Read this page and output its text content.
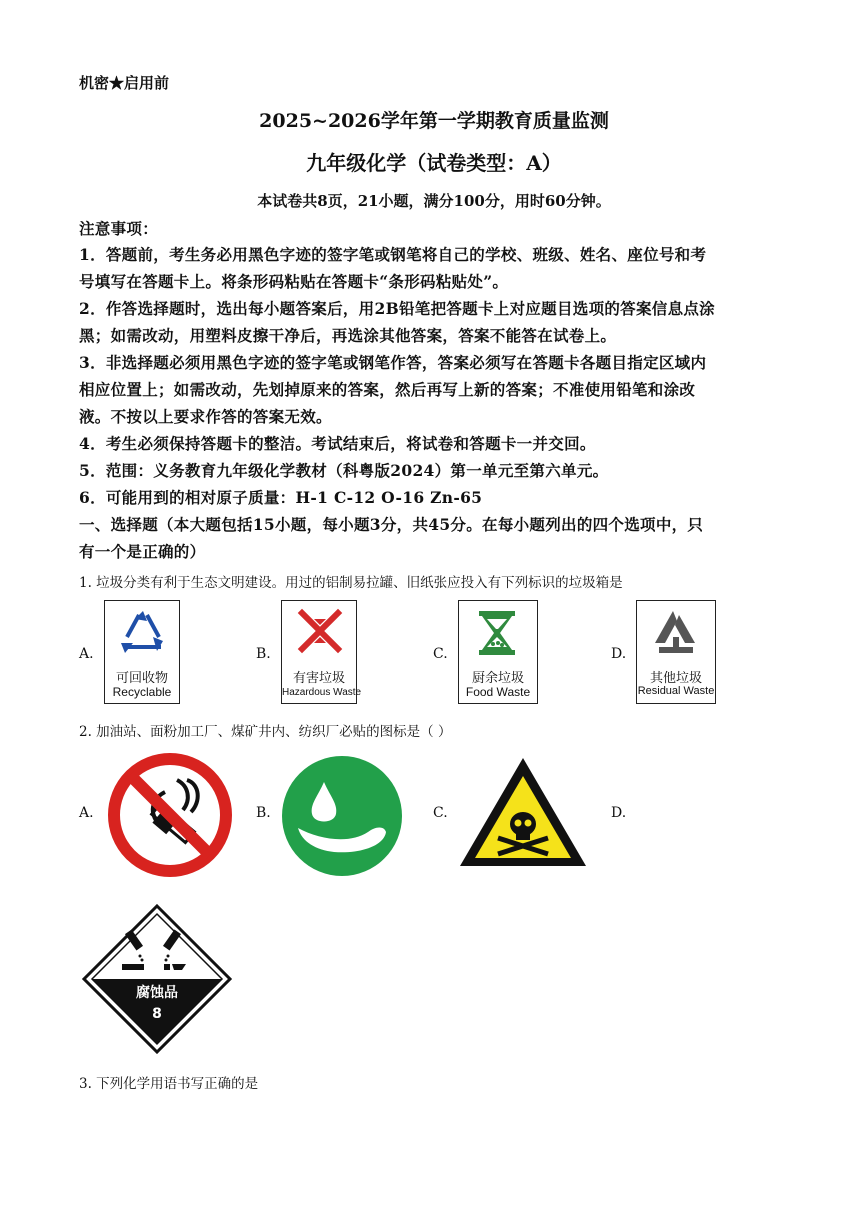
机密★启用前
2025~2026学年第一学期教育质量监测
九年级化学（试卷类型：A）
本试卷共8页，21小题，满分100分，用时60分钟。
注意事项：
1．答题前，考生务必用黑色字迹的签字笔或钢笔将自己的学校、班级、姓名、座位号和考
号填写在答题卡上。将条形码粘贴在答题卡“条形码粘贴处”。
2．作答选择题时，选出每小题答案后，用2B铅笔把答题卡上对应题目选项的答案信息点涂
黑；如需改动，用塑料皮擦干净后，再选涂其他答案，答案不能答在试卷上。
3．非选择题必须用黑色字迹的签字笔或钢笔作答，答案必须写在答题卡各题目指定区域内
相应位置上；如需改动，先划掉原来的答案，然后再写上新的答案；不准使用铅笔和涂改
液。不按以上要求作答的答案无效。
4．考生必须保持答题卡的整洁。考试结束后，将试卷和答题卡一并交回。
5．范围：义务教育九年级化学教材（科粤版2024）第一单元至第六单元。
6．可能用到的相对原子质量：H-1 C-12 O-16 Zn-65
一、选择题（本大题包括15小题，每小题3分，共45分。在每小题列出的四个选项中，只
有一个是正确的）
1. 垃圾分类有利于生态文明建设。用过的铝制易拉罐、旧纸张应投入有下列标识的垃圾箱是
A.
可回收物
Recyclable
B.
有害垃圾
Hazardous Waste
C.
厨余垃圾
Food Waste
D.
其他垃圾
Residual Waste
2. 加油站、面粉加工厂、煤矿井内、纺织厂必贴的图标是（ ）
A.	B.	C.	D.
腐蚀品
8
3. 下列化学用语书写正确的是
